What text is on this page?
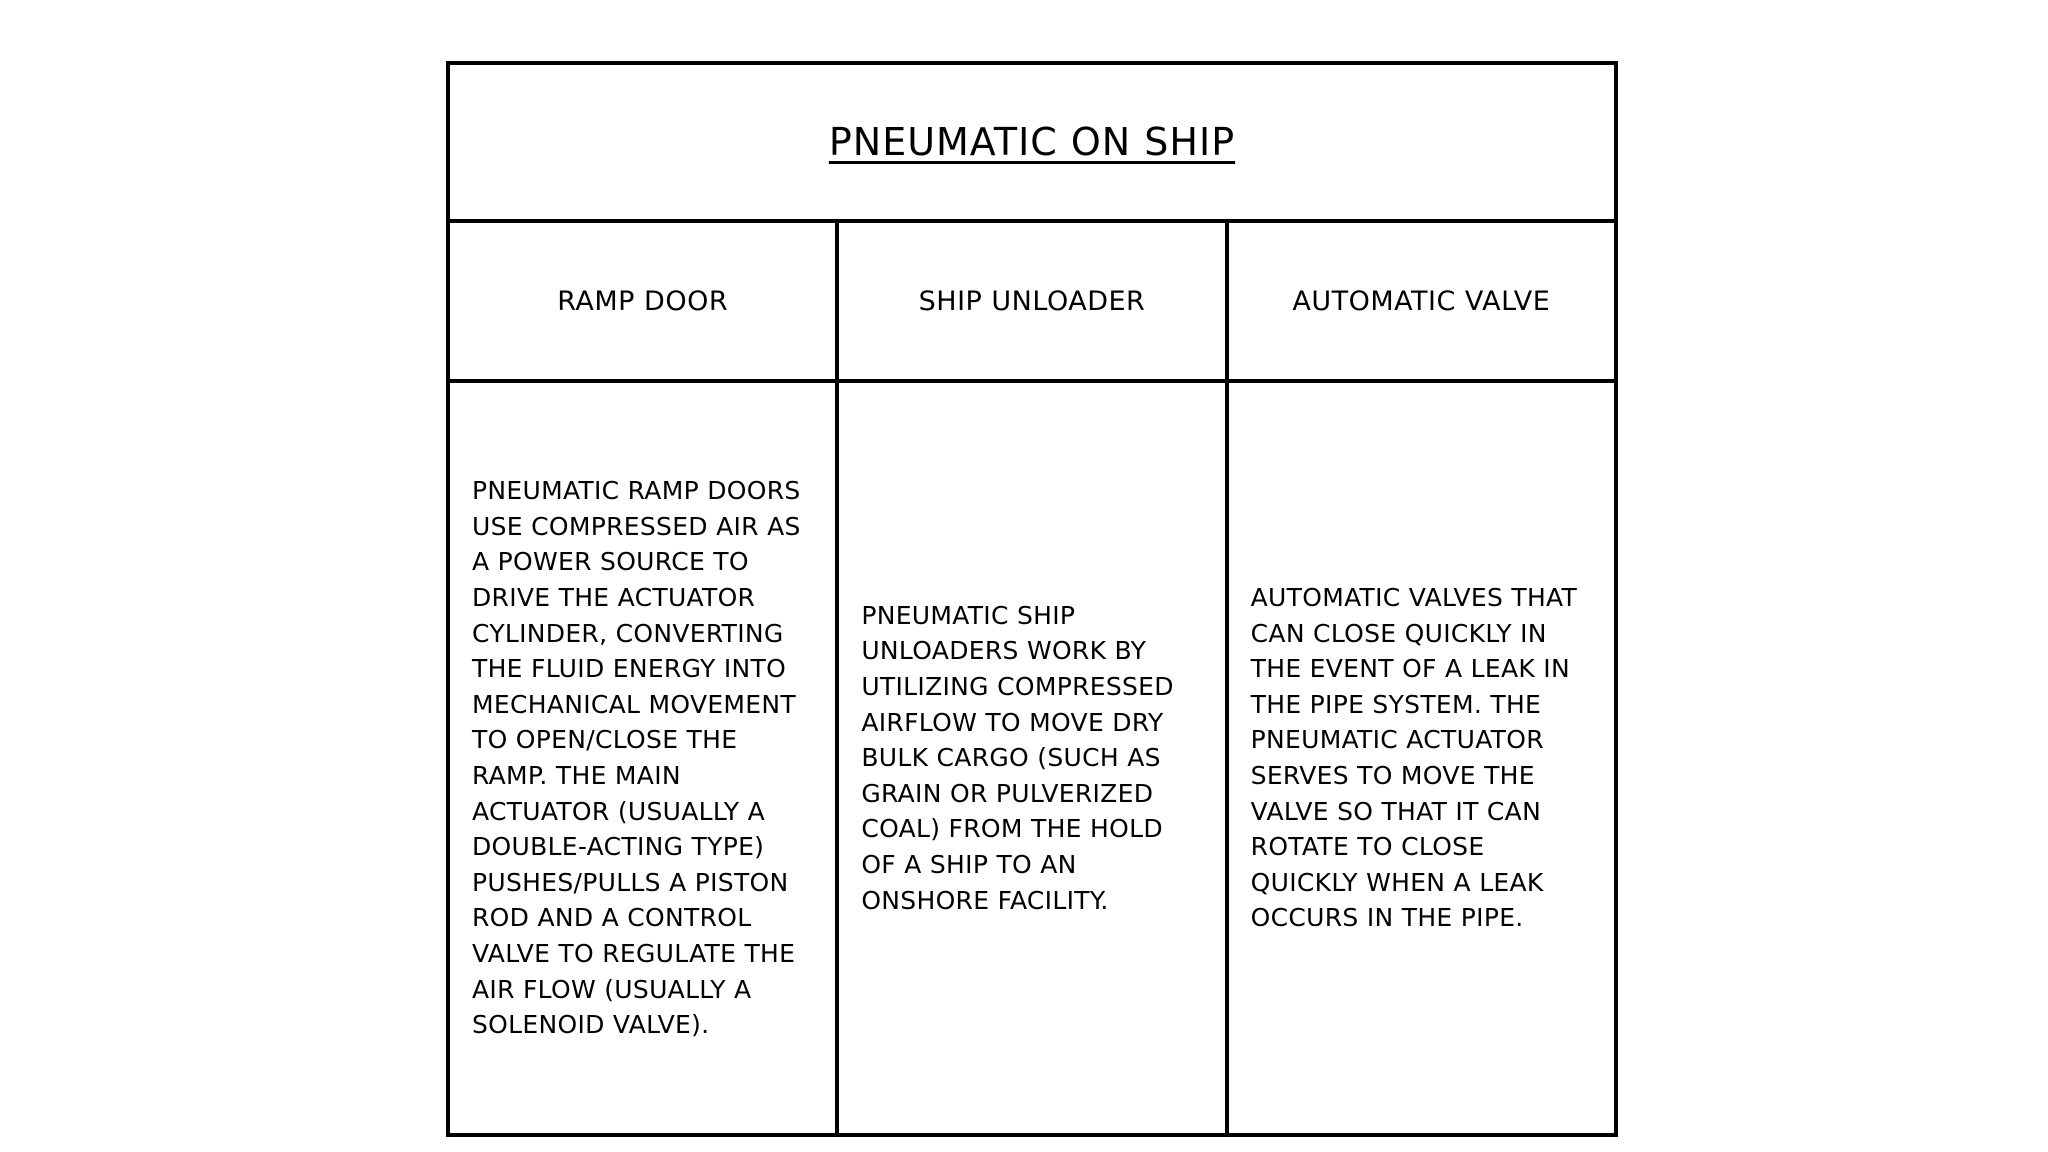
PNEUMATIC ON SHIP
RAMP DOOR	SHIP UNLOADER	AUTOMATIC VALVE

PNEUMATIC RAMP DOORS USE COMPRESSED AIR AS A POWER SOURCE TO DRIVE THE ACTUATOR CYLINDER, CONVERTING THE FLUID ENERGY INTO MECHANICAL MOVEMENT TO OPEN/CLOSE THE RAMP. THE MAIN ACTUATOR (USUALLY A DOUBLE-ACTING TYPE) PUSHES/PULLS A PISTON ROD AND A CONTROL VALVE TO REGULATE THE AIR FLOW (USUALLY A SOLENOID VALVE).

PNEUMATIC SHIP UNLOADERS WORK BY UTILIZING COMPRESSED AIRFLOW TO MOVE DRY BULK CARGO (SUCH AS GRAIN OR PULVERIZED COAL) FROM THE HOLD OF A SHIP TO AN ONSHORE FACILITY.

AUTOMATIC VALVES THAT CAN CLOSE QUICKLY IN THE EVENT OF A LEAK IN THE PIPE SYSTEM. THE PNEUMATIC ACTUATOR SERVES TO MOVE THE VALVE SO THAT IT CAN ROTATE TO CLOSE QUICKLY WHEN A LEAK OCCURS IN THE PIPE.
